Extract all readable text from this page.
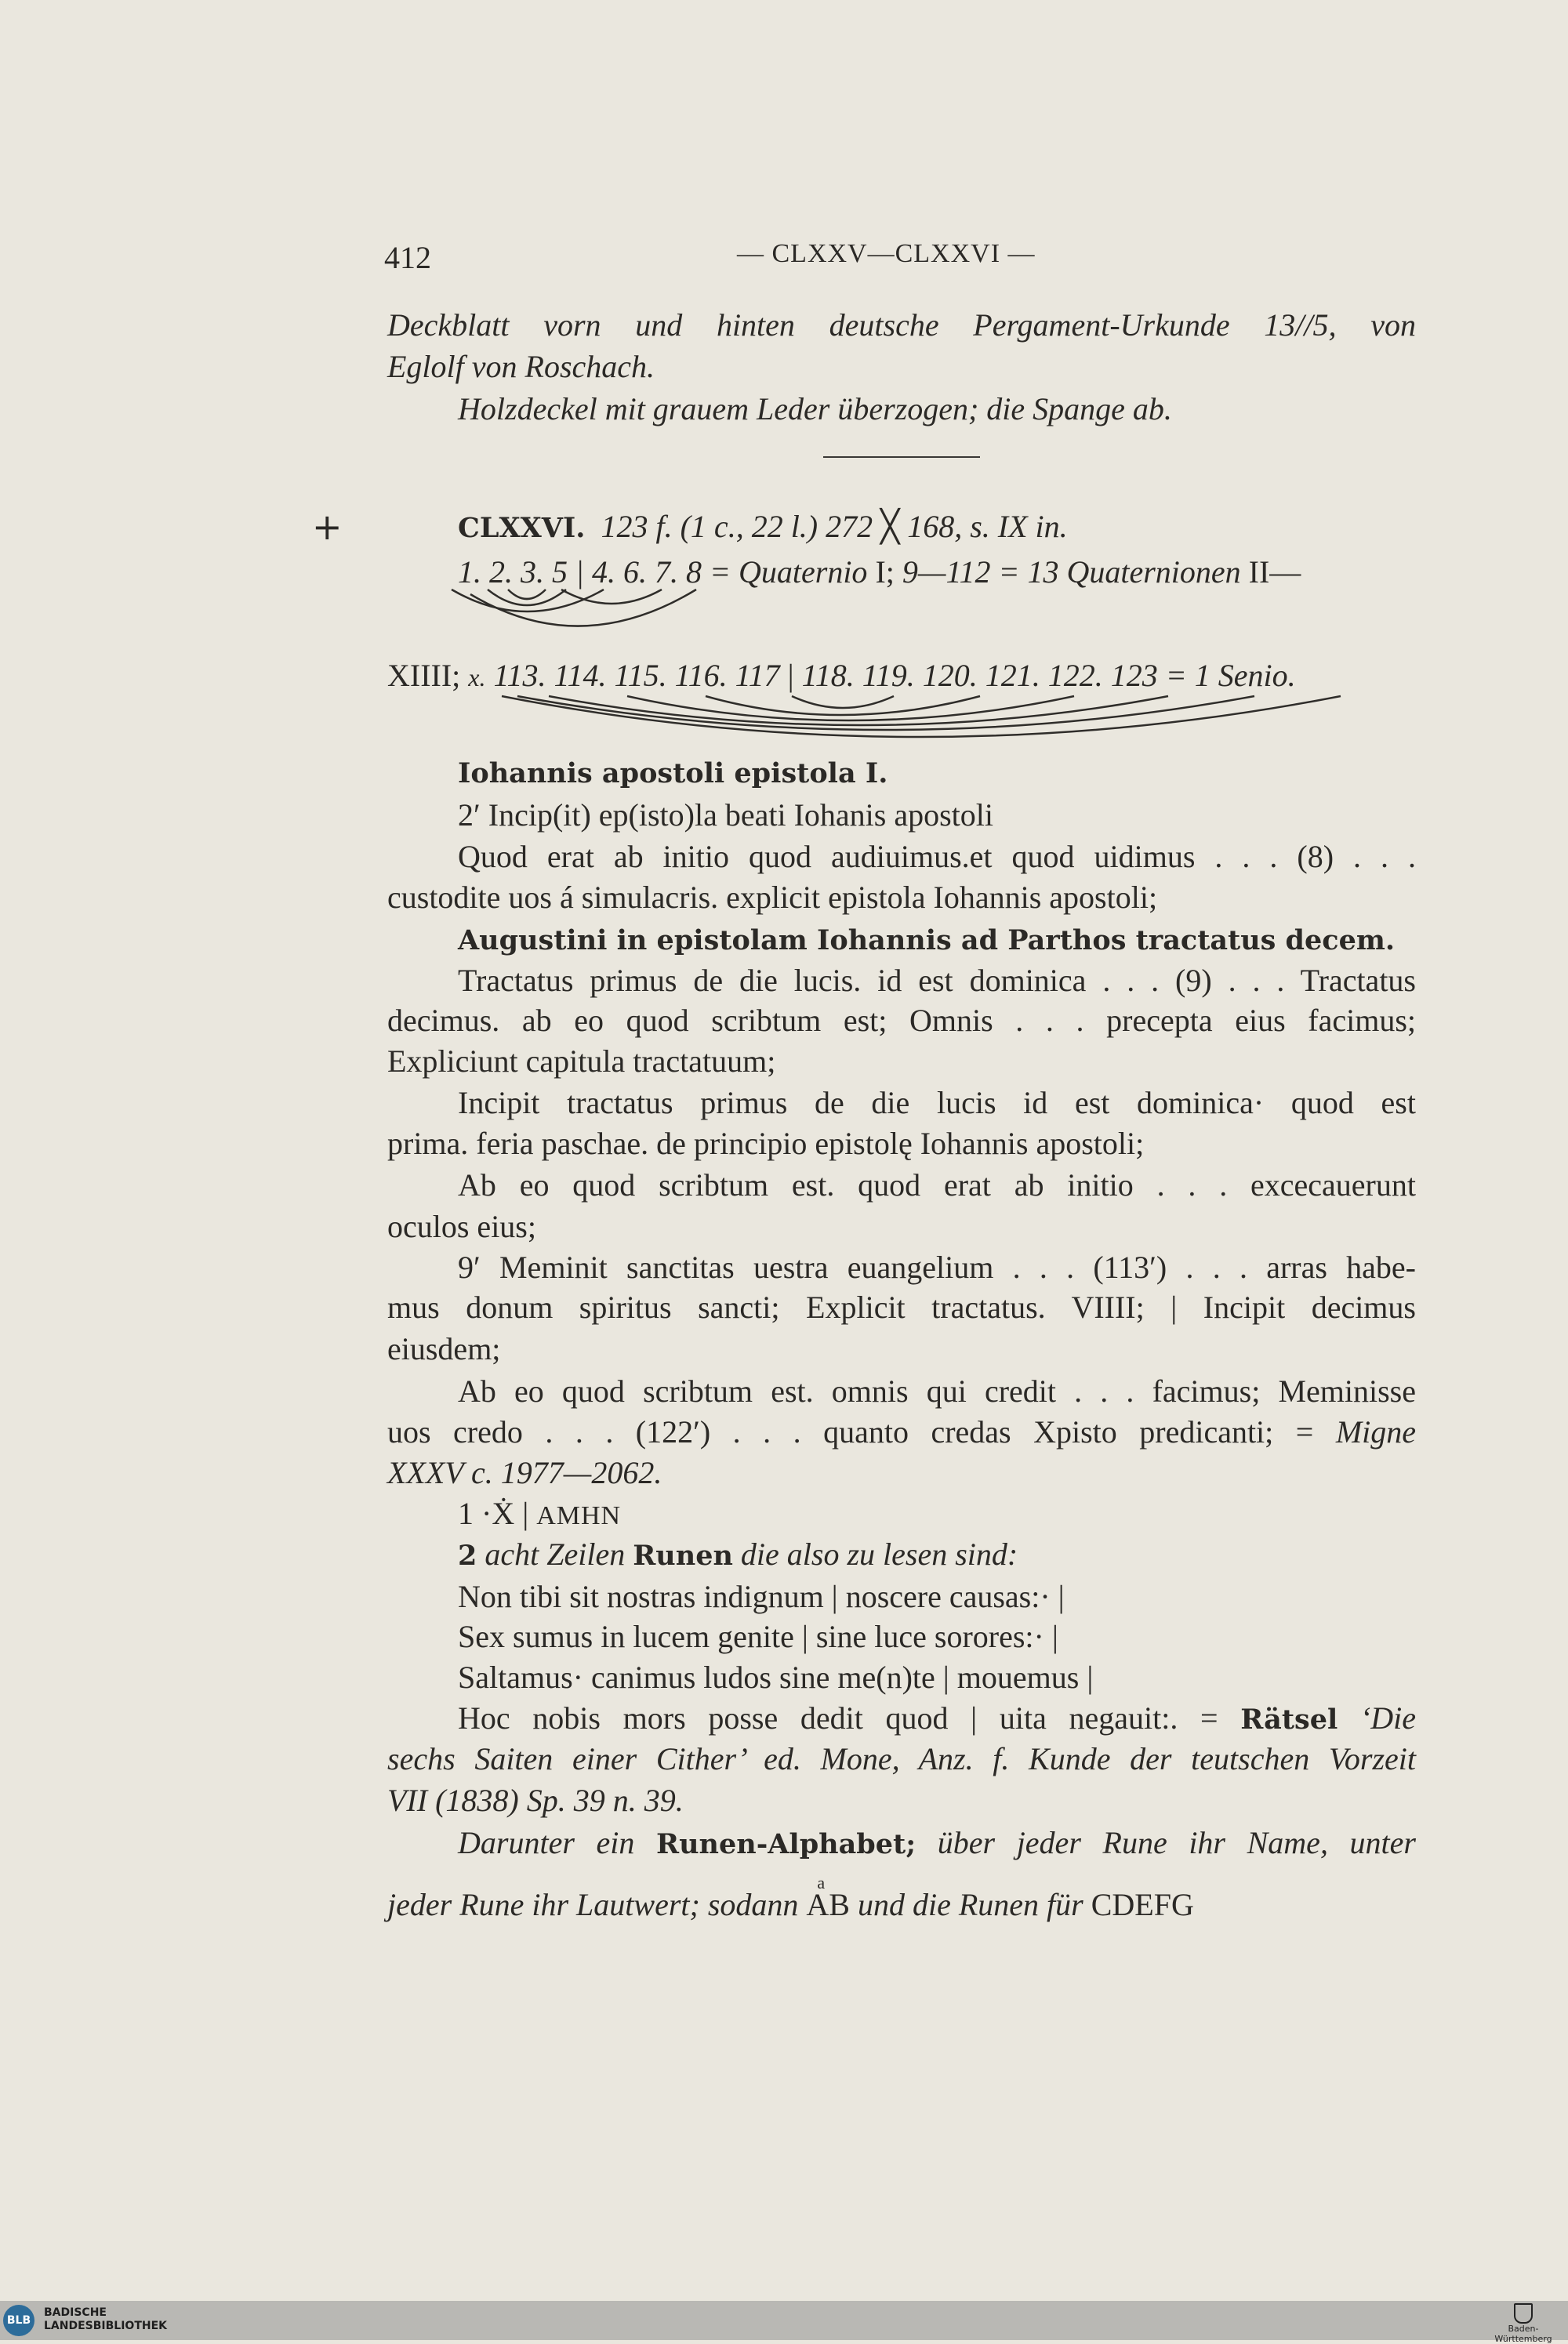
412	— CLXXV—CLXXVI —
Deckblatt vorn und hinten deutsche Pergament-Urkunde 13//5, von
Eglolf von Roschach.
Holzdeckel mit grauem Leder überzogen; die Spange ab.
+	CLXXVI. 123 f. (1 c., 22 l.) 272 ╳ 168, s. IX in.
1. 2. 3. 5 | 4. 6. 7. 8 = Quaternio I; 9—112 = 13 Quaternionen II—
XIIII; x. 113. 114. 115. 116. 117 | 118. 119. 120. 121. 122. 123 = 1 Senio.
Iohannis apostoli epistola I.
2′ Incip(it) ep(isto)la beati Iohanis apostoli
Quod erat ab initio quod audiuimus.et quod uidimus . . . (8) . . .
custodite uos á simulacris. explicit epistola Iohannis apostoli;
Augustini in epistolam Iohannis ad Parthos tractatus decem.
Tractatus primus de die lucis. id est dominica . . . (9) . . . Tractatus
decimus. ab eo quod scribtum est; Omnis . . . precepta eius facimus;
Expliciunt capitula tractatuum;
Incipit tractatus primus de die lucis id est dominica· quod est
prima. feria paschae. de principio epistolę Iohannis apostoli;
Ab eo quod scribtum est. quod erat ab initio . . . excecauerunt
oculos eius;
9′ Meminit sanctitas uestra euangelium . . . (113′) . . . arras habe-
mus donum spiritus sancti; Explicit tractatus. VIIII; | Incipit decimus
eiusdem;
Ab eo quod scribtum est. omnis qui credit . . . facimus; Meminisse
uos credo . . . (122′) . . . quanto credas Xpisto predicanti; = Migne
XXXV c. 1977—2062.
1 ·Ẋ | AMHN
2 acht Zeilen Runen die also zu lesen sind:
Non tibi sit nostras indignum | noscere causas:· |
Sex sumus in lucem genite | sine luce sorores:· |
Saltamus· canimus ludos sine me(n)te | mouemus |
Hoc nobis mors posse dedit quod | uita negauit:. = Rätsel ‘Die
sechs Saiten einer Cither’ ed. Mone, Anz. f. Kunde der teutschen Vorzeit
VII (1838) Sp. 39 n. 39.
Darunter ein Runen-Alphabet; über jeder Rune ihr Name, unter
jeder Rune ihr Lautwert; sodann
a
AB und die Runen für CDEFG
BLB
BADISCHE
LANDESBIBLIOTHEK	Baden-Württemberg
